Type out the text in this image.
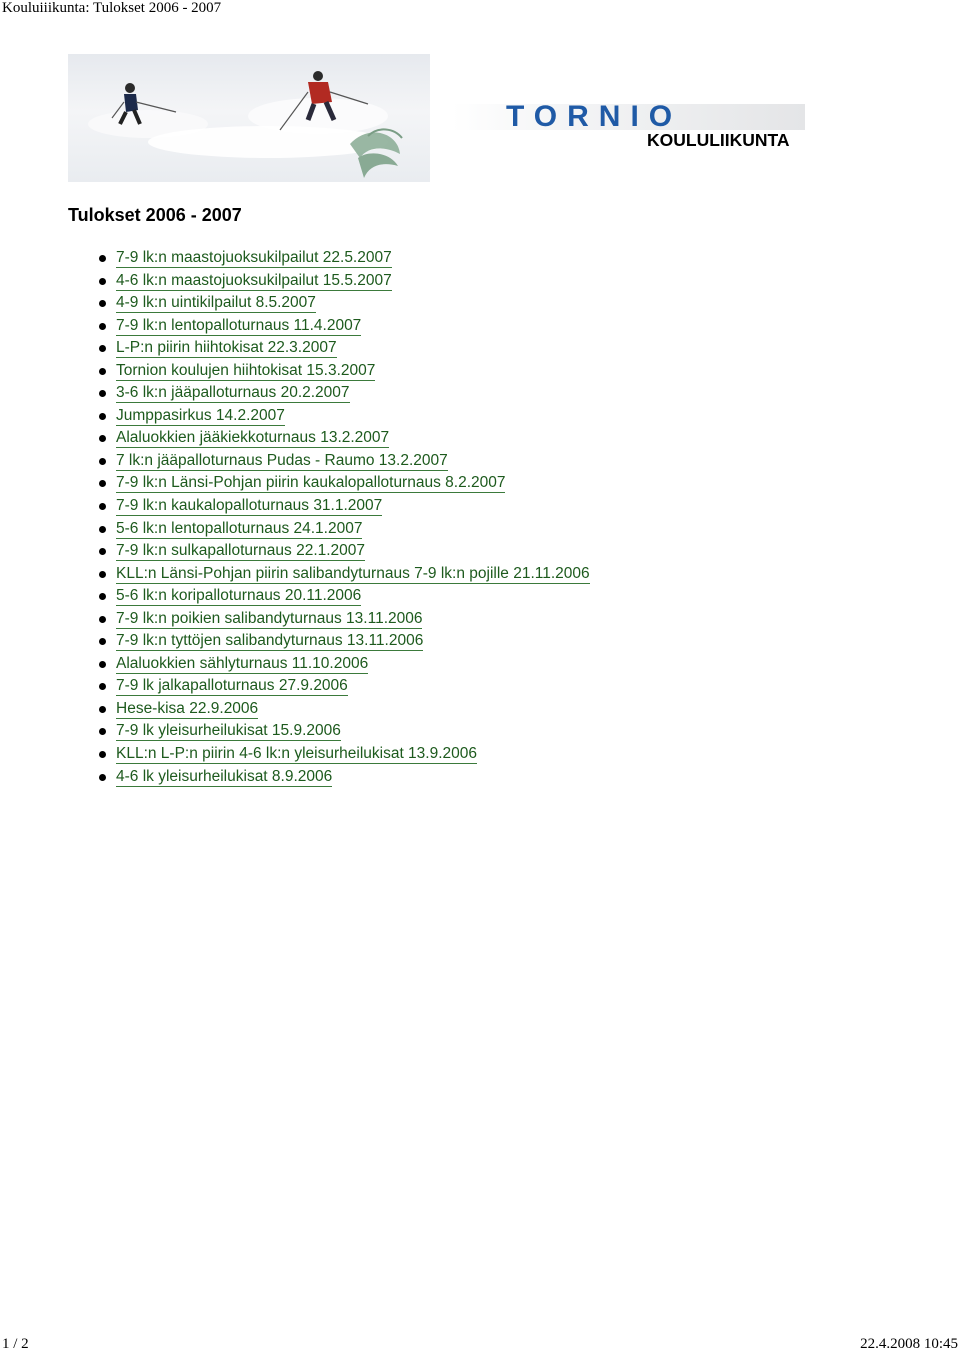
Kouluiiikunta: Tulokset 2006 - 2007
TORNIO
KOULULIIKUNTA
Tulokset 2006 - 2007
7-9 lk:n maastojuoksukilpailut 22.5.2007
4-6 lk:n maastojuoksukilpailut 15.5.2007
4-9 lk:n uintikilpailut 8.5.2007
7-9 lk:n lentopalloturnaus 11.4.2007
L-P:n piirin hiihtokisat 22.3.2007
Tornion koulujen hiihtokisat 15.3.2007
3-6 lk:n jääpalloturnaus 20.2.2007
Jumppasirkus 14.2.2007
Alaluokkien jääkiekkoturnaus 13.2.2007
7 lk:n jääpalloturnaus Pudas - Raumo 13.2.2007
7-9 lk:n Länsi-Pohjan piirin kaukalopalloturnaus 8.2.2007
7-9 lk:n kaukalopalloturnaus 31.1.2007
5-6 lk:n lentopalloturnaus 24.1.2007
7-9 lk:n sulkapalloturnaus 22.1.2007
KLL:n Länsi-Pohjan piirin salibandyturnaus 7-9 lk:n pojille 21.11.2006
5-6 lk:n koripalloturnaus 20.11.2006
7-9 lk:n poikien salibandyturnaus 13.11.2006
7-9 lk:n tyttöjen salibandyturnaus 13.11.2006
Alaluokkien sählyturnaus 11.10.2006
7-9 lk jalkapalloturnaus 27.9.2006
Hese-kisa 22.9.2006
7-9 lk yleisurheilukisat 15.9.2006
KLL:n L-P:n piirin 4-6 lk:n yleisurheilukisat 13.9.2006
4-6 lk yleisurheilukisat 8.9.2006
1 / 2	22.4.2008 10:45
